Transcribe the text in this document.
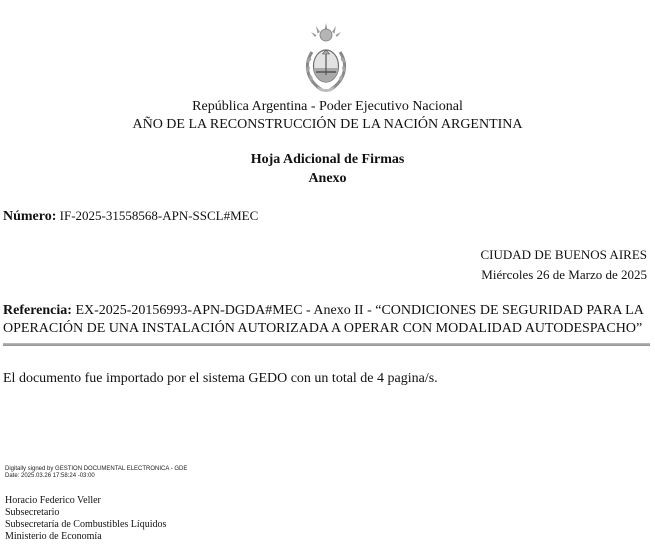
República Argentina - Poder Ejecutivo Nacional
AÑO DE LA RECONSTRUCCIÓN DE LA NACIÓN ARGENTINA
Hoja Adicional de Firmas
Anexo
Número: IF-2025-31558568-APN-SSCL#MEC
CIUDAD DE BUENOS AIRES
Miércoles 26 de Marzo de 2025
Referencia: EX-2025-20156993-APN-DGDA#MEC - Anexo II - “CONDICIONES DE SEGURIDAD PARA LA OPERACIÓN DE UNA INSTALACIÓN AUTORIZADA A OPERAR CON MODALIDAD AUTODESPACHO”
El documento fue importado por el sistema GEDO con un total de 4 pagina/s.
Digitally signed by GESTION DOCUMENTAL ELECTRONICA - GDE
Date: 2025.03.26 17:58:24 -03:00
Horacio Federico Veller
Subsecretario
Subsecretaría de Combustibles Líquidos
Ministerio de Economía
